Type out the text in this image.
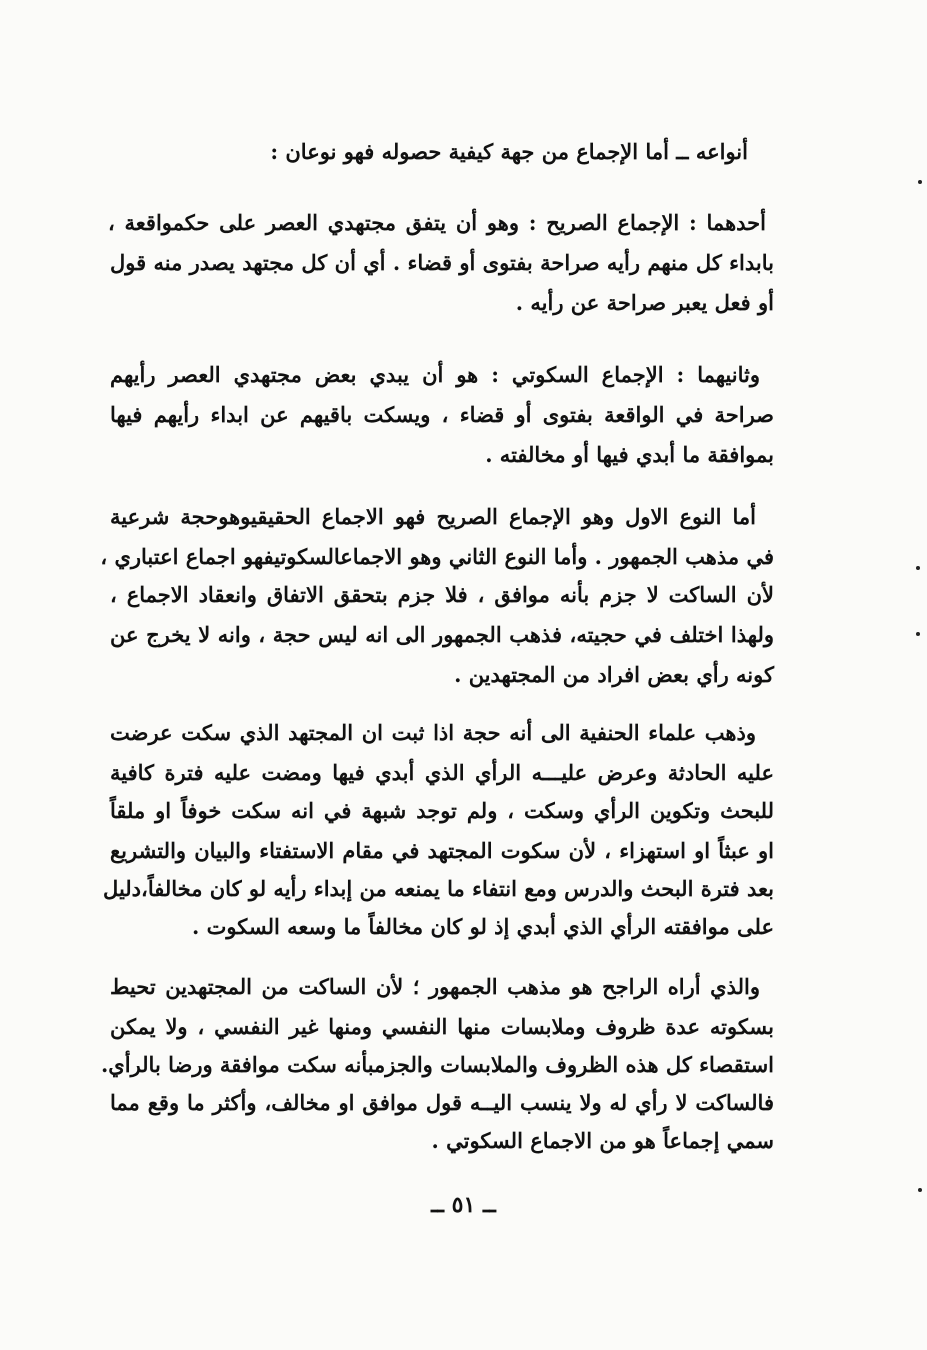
أنواعه ــ أما الإجماع من جهة كيفية حصوله فهو نوعان :
أحدهما : الإجماع الصريح : وهو أن يتفق مجتهدي العصر على حكمواقعة ،
بابداء كل منهم رأيه صراحة بفتوى أو قضاء . أي أن كل مجتهد يصدر منه قول
أو فعل يعبر صراحة عن رأيه .
وثانيهما : الإجماع السكوتي : هو أن يبدي بعض مجتهدي العصر رأيهم
صراحة في الواقعة بفتوى أو قضاء ، ويسكت باقيهم عن ابداء رأيهم فيها
بموافقة ما أبدي فيها أو مخالفته .
أما النوع الاول وهو الإجماع الصريح فهو الاجماع الحقيقيوهوحجة شرعية
في مذهب الجمهور . وأما النوع الثاني وهو الاجماعالسكوتيفهو اجماع اعتباري ،
لأن الساكت لا جزم بأنه موافق ، فلا جزم بتحقق الاتفاق وانعقاد الاجماع ،
ولهذا اختلف في حجيته، فذهب الجمهور الى انه ليس حجة ، وانه لا يخرج عن
كونه رأي بعض افراد من المجتهدين .
وذهب علماء الحنفية الى أنه حجة اذا ثبت ان المجتهد الذي سكت عرضت
عليه الحادثة وعرض عليـــه الرأي الذي أبدي فيها ومضت عليه فترة كافية
للبحث وتكوين الرأي وسكت ، ولم توجد شبهة في انه سكت خوفاً او ملقاً
او عبثاً او استهزاء ، لأن سكوت المجتهد في مقام الاستفتاء والبيان والتشريع
بعد فترة البحث والدرس ومع انتفاء ما يمنعه من إبداء رأيه لو كان مخالفاً،دليل
على موافقته الرأي الذي أبدي إذ لو كان مخالفاً ما وسعه السكوت .
والذي أراه الراجح هو مذهب الجمهور ؛ لأن الساكت من المجتهدين تحيط
بسكوته عدة ظروف وملابسات منها النفسي ومنها غير النفسي ، ولا يمكن
استقصاء كل هذه الظروف والملابسات والجزمبأنه سكت موافقة ورضا بالرأي.
فالساكت لا رأي له ولا ينسب اليــه قول موافق او مخالف، وأكثر ما وقع مما
سمي إجماعاً هو من الاجماع السكوتي .
ــ ٥١ ــ
